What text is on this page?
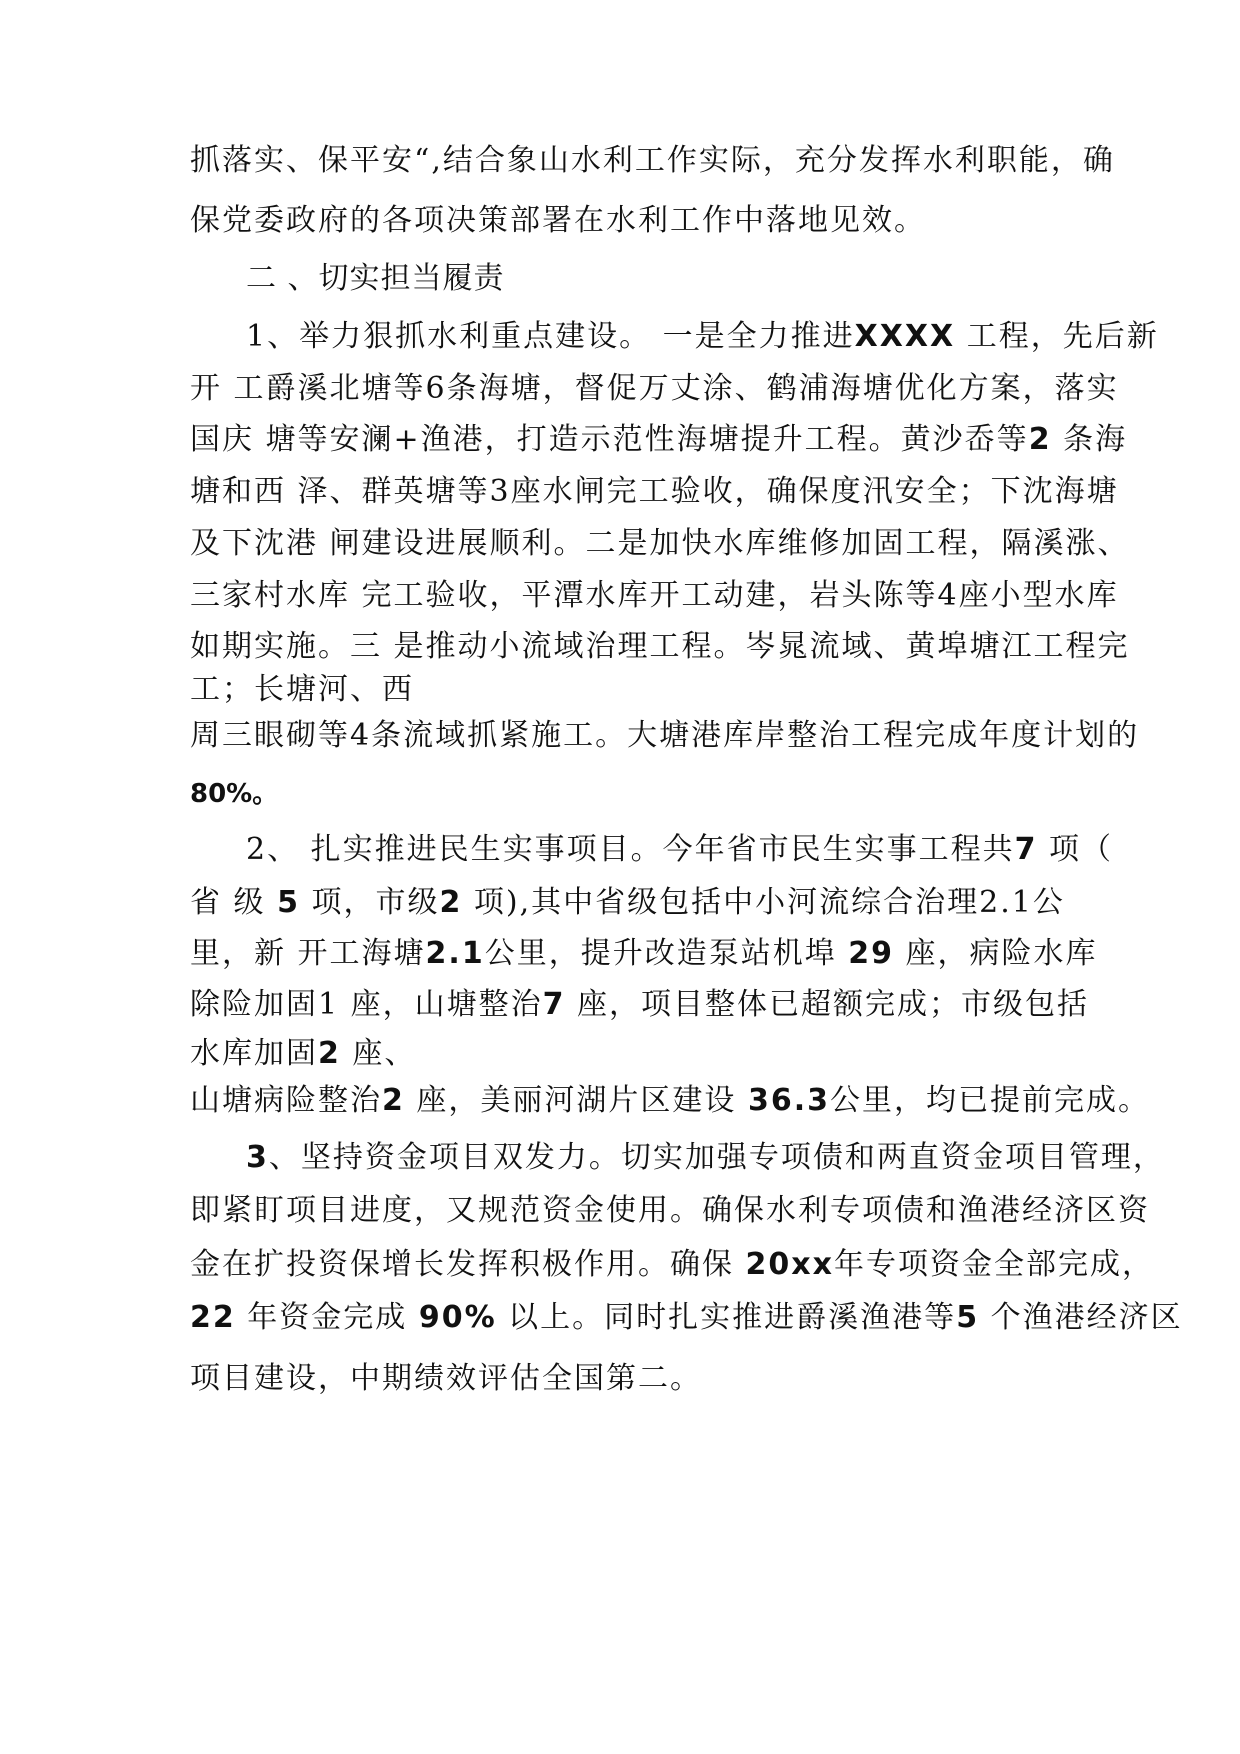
抓落实、保平安“,结合象山水利工作实际，充分发挥水利职能，确
保党委政府的各项决策部署在水利工作中落地见效。
二 、切实担当履责
1、举力狠抓水利重点建设。 一是全力推进XXXX 工程，先后新
开 工爵溪北塘等6条海塘，督促万丈涂、鹤浦海塘优化方案，落实
国庆 塘等安澜+渔港，打造示范性海塘提升工程。黄沙岙等2 条海
塘和西 泽、群英塘等3座水闸完工验收，确保度汛安全；下沈海塘
及下沈港 闸建设进展顺利。二是加快水库维修加固工程，隔溪涨、
三家村水库 完工验收，平潭水库开工动建，岩头陈等4座小型水库
如期实施。三 是推动小流域治理工程。岑晁流域、黄埠塘江工程完
工；长塘河、西
周三眼砌等4条流域抓紧施工。大塘港库岸整治工程完成年度计划的
80%。
2、 扎实推进民生实事项目。今年省市民生实事工程共7 项（
省 级 5 项，市级2 项),其中省级包括中小河流综合治理2.1公
里，新 开工海塘2.1公里，提升改造泵站机埠 29 座，病险水库
除险加固1 座，山塘整治7 座，项目整体已超额完成；市级包括
水库加固2 座、
山塘病险整治2 座，美丽河湖片区建设 36.3公里，均已提前完成。
3、坚持资金项目双发力。切实加强专项债和两直资金项目管理，
即紧盯项目进度，又规范资金使用。确保水利专项债和渔港经济区资
金在扩投资保增长发挥积极作用。确保 20xx年专项资金全部完成，
22 年资金完成 90% 以上。同时扎实推进爵溪渔港等5 个渔港经济区
项目建设，中期绩效评估全国第二。
